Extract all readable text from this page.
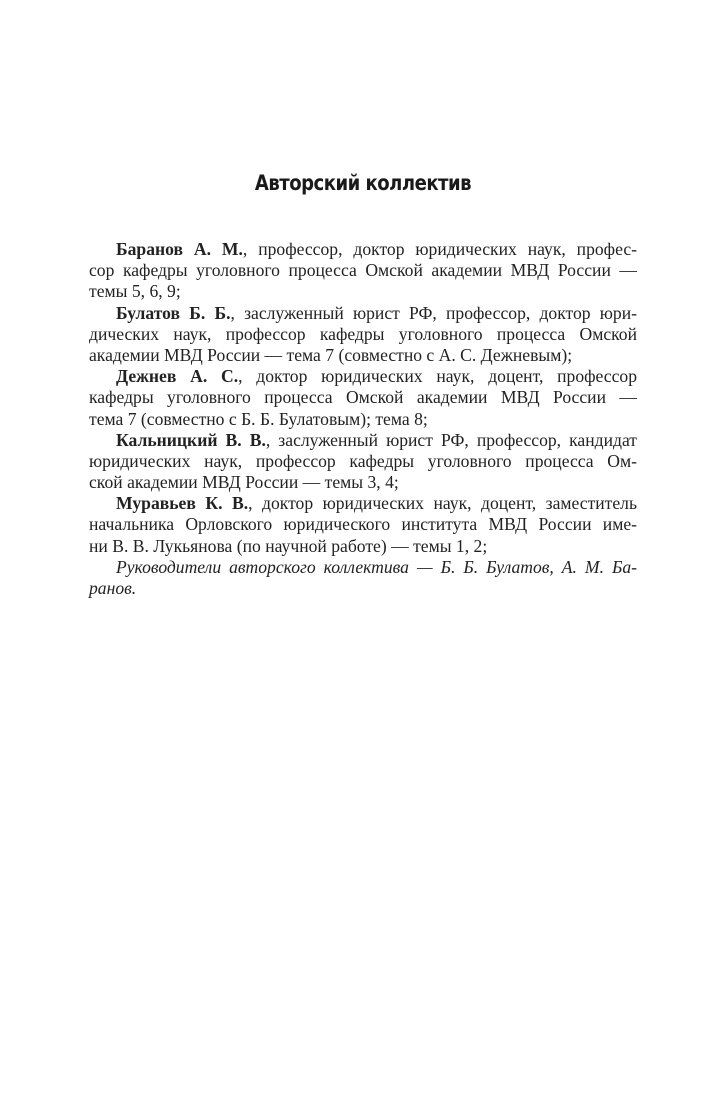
Авторский коллектив
Баранов А. М., профессор, доктор юридических наук, профес-
сор кафедры уголовного процесса Омской академии МВД России —
темы 5, 6, 9;
Булатов Б. Б., заслуженный юрист РФ, профессор, доктор юри-
дических наук, профессор кафедры уголовного процесса Омской
академии МВД России — тема 7 (совместно с А. С. Дежневым);
Дежнев А. С., доктор юридических наук, доцент, профессор
кафедры уголовного процесса Омской академии МВД России —
тема 7 (совместно с Б. Б. Булатовым); тема 8;
Кальницкий В. В., заслуженный юрист РФ, профессор, кандидат
юридических наук, профессор кафедры уголовного процесса Ом-
ской академии МВД России — темы 3, 4;
Муравьев К. В., доктор юридических наук, доцент, заместитель
начальника Орловского юридического института МВД России име-
ни В. В. Лукьянова (по научной работе) — темы 1, 2;
Руководители авторского коллектива — Б. Б. Булатов, А. М. Ба-
ранов.
